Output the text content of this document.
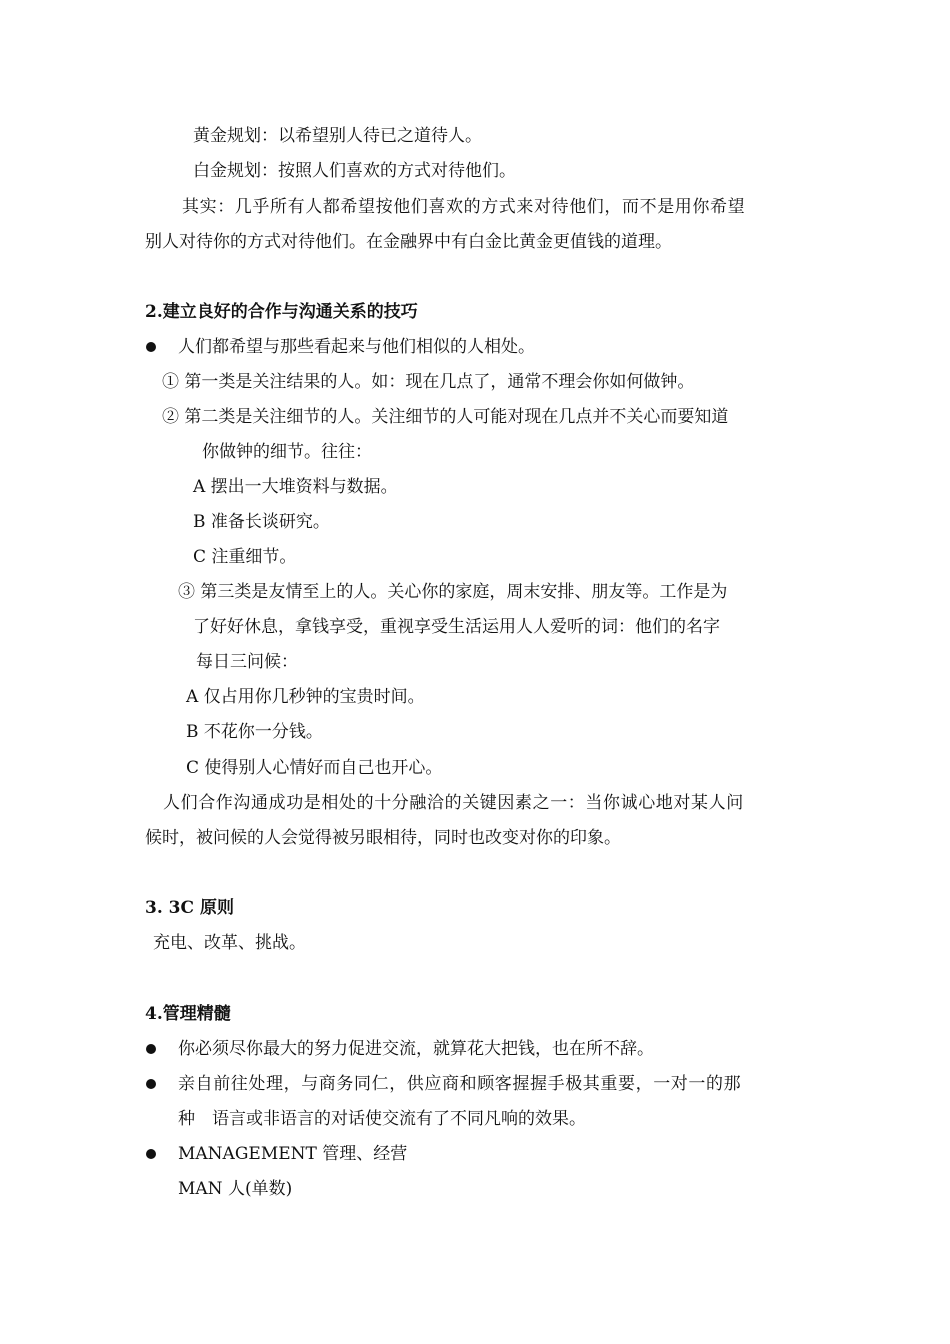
黄金规划：以希望别人待已之道待人。
白金规划：按照人们喜欢的方式对待他们。
其实：几乎所有人都希望按他们喜欢的方式来对待他们，而不是用你希望
别人对待你的方式对待他们。在金融界中有白金比黄金更值钱的道理。
2.建立良好的合作与沟通关系的技巧
人们都希望与那些看起来与他们相似的人相处。
① 第一类是关注结果的人。如：现在几点了，通常不理会你如何做钟。
② 第二类是关注细节的人。关注细节的人可能对现在几点并不关心而要知道
你做钟的细节。往往：
A 摆出一大堆资料与数据。
B 准备长谈研究。
C 注重细节。
③ 第三类是友情至上的人。关心你的家庭，周末安排、朋友等。工作是为
了好好休息，拿钱享受，重视享受生活运用人人爱听的词：他们的名字
每日三问候：
A 仅占用你几秒钟的宝贵时间。
B 不花你一分钱。
C 使得别人心情好而自己也开心。
人们合作沟通成功是相处的十分融洽的关键因素之一：当你诚心地对某人问
候时，被问候的人会觉得被另眼相待，同时也改变对你的印象。
3. 3C 原则
充电、改革、挑战。
4.管理精髓
你必须尽你最大的努力促进交流，就算花大把钱，也在所不辞。
亲自前往处理，与商务同仁，供应商和顾客握握手极其重要，一对一的那
种　语言或非语言的对话使交流有了不同凡响的效果。
MANAGEMENT 管理、经营
MAN 人(单数)
